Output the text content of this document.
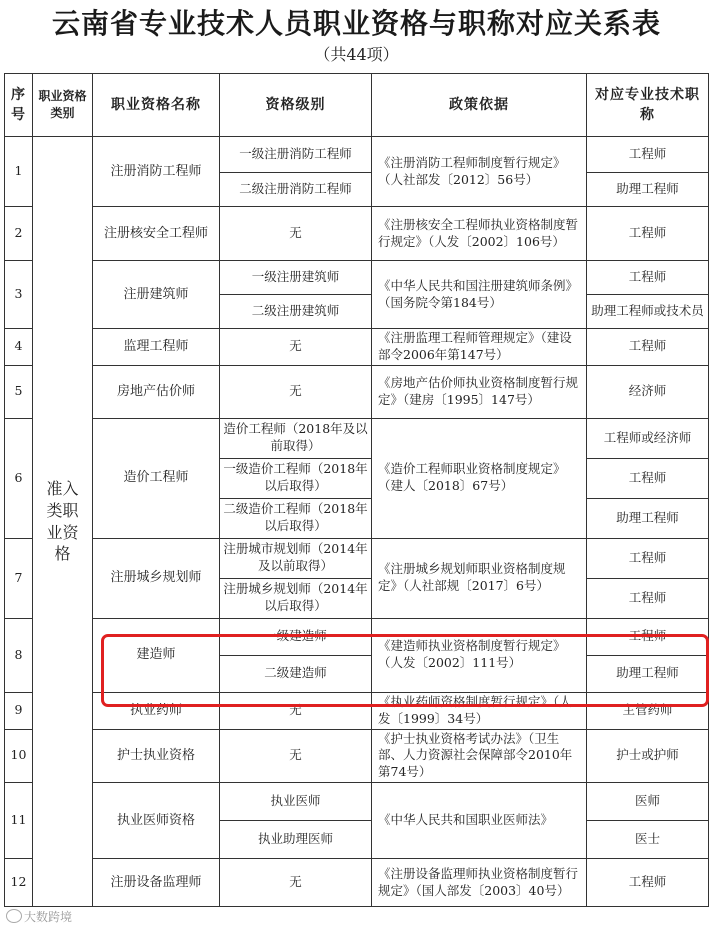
云南省专业技术人员职业资格与职称对应关系表
（共44项）
序号	职业资格类别	职业资格名称	资格级别	政策依据	对应专业技术职称
1	准入类职业资格	注册消防工程师	一级注册消防工程师	《注册消防工程师制度暂行规定》（人社部发〔2012〕56号）	工程师
			二级注册消防工程师		助理工程师
2		注册核安全工程师	无	《注册核安全工程师执业资格制度暂行规定》（人发〔2002〕106号）	工程师
3		注册建筑师	一级注册建筑师	《中华人民共和国注册建筑师条例》（国务院令第184号）	工程师
			二级注册建筑师		助理工程师或技术员
4		监理工程师	无	《注册监理工程师管理规定》（建设部令2006年第147号）	工程师
5		房地产估价师	无	《房地产估价师执业资格制度暂行规定》（建房〔1995〕147号）	经济师
6		造价工程师	造价工程师（2018年及以前取得）	《造价工程师职业资格制度规定》（建人〔2018〕67号）	工程师或经济师
			一级造价工程师（2018年以后取得）		工程师
			二级造价工程师（2018年以后取得）		助理工程师
7		注册城乡规划师	注册城市规划师（2014年及以前取得）	《注册城乡规划师职业资格制度规定》（人社部规〔2017〕6号）	工程师
			注册城乡规划师（2014年以后取得）		工程师
8		建造师	一级建造师	《建造师执业资格制度暂行规定》（人发〔2002〕111号）	工程师
			二级建造师		助理工程师
9		执业药师	无	《执业药师资格制度暂行规定》（人发〔1999〕34号）	主管药师
10		护士执业资格	无	《护士执业资格考试办法》（卫生部、人力资源社会保障部令2010年第74号）	护士或护师
11		执业医师资格	执业医师	《中华人民共和国职业医师法》	医师
			执业助理医师		医士
12		注册设备监理师	无	《注册设备监理师执业资格制度暂行规定》（国人部发〔2003〕40号）	工程师
大数跨境
